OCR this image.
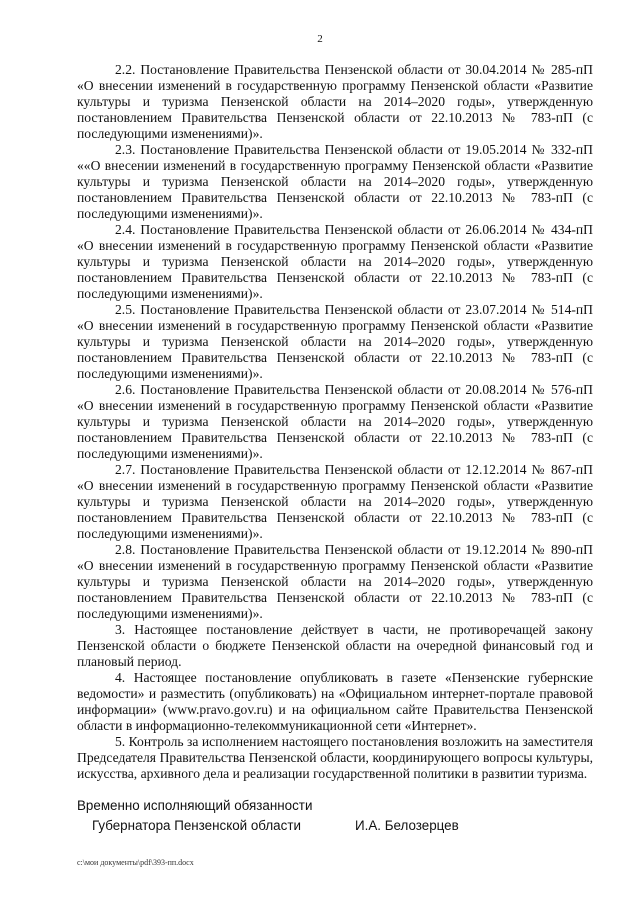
2

2.2. Постановление Правительства Пензенской области от 30.04.2014 № 285-пП «О внесении изменений в государственную программу Пензенской области «Развитие культуры и туризма Пензенской области на 2014–2020 годы», утвержденную постановлением Правительства Пензенской области от 22.10.2013 № 783-пП (с последующими изменениями)».

2.3. Постановление Правительства Пензенской области от 19.05.2014 № 332-пП ««О внесении изменений в государственную программу Пензенской области «Развитие культуры и туризма Пензенской области на 2014–2020 годы», утвержденную постановлением Правительства Пензенской области от 22.10.2013 № 783-пП (с последующими изменениями)».

2.4. Постановление Правительства Пензенской области от 26.06.2014 № 434-пП «О внесении изменений в государственную программу Пензенской области «Развитие культуры и туризма Пензенской области на 2014–2020 годы», утвержденную постановлением Правительства Пензенской области от 22.10.2013 № 783-пП (с последующими изменениями)».

2.5. Постановление Правительства Пензенской области от 23.07.2014 № 514-пП «О внесении изменений в государственную программу Пензенской области «Развитие культуры и туризма Пензенской области на 2014–2020 годы», утвержденную постановлением Правительства Пензенской области от 22.10.2013 № 783-пП (с последующими изменениями)».

2.6. Постановление Правительства Пензенской области от 20.08.2014 № 576-пП «О внесении изменений в государственную программу Пензенской области «Развитие культуры и туризма Пензенской области на 2014–2020 годы», утвержденную постановлением Правительства Пензенской области от 22.10.2013 № 783-пП (с последующими изменениями)».

2.7. Постановление Правительства Пензенской области от 12.12.2014 № 867-пП «О внесении изменений в государственную программу Пензенской области «Развитие культуры и туризма Пензенской области на 2014–2020 годы», утвержденную постановлением Правительства Пензенской области от 22.10.2013 № 783-пП (с последующими изменениями)».

2.8. Постановление Правительства Пензенской области от 19.12.2014 № 890-пП «О внесении изменений в государственную программу Пензенской области «Развитие культуры и туризма Пензенской области на 2014–2020 годы», утвержденную постановлением Правительства Пензенской области от 22.10.2013 № 783-пП (с последующими изменениями)».

3. Настоящее постановление действует в части, не противоречащей закону Пензенской области о бюджете Пензенской области на очередной финансовый год и плановый период.

4. Настоящее постановление опубликовать в газете «Пензенские губернские ведомости» и разместить (опубликовать) на «Официальном интернет-портале правовой информации» (www.pravo.gov.ru) и на официальном сайте Правительства Пензенской области в информационно-телекоммуникационной сети «Интернет».

5. Контроль за исполнением настоящего постановления возложить на заместителя Председателя Правительства Пензенской области, координирующего вопросы культуры, искусства, архивного дела и реализации государственной политики в развитии туризма.

Временно исполняющий обязанности
Губернатора Пензенской области	И.А. Белозерцев
c:\мои документы\pdf\393-пп.docx
